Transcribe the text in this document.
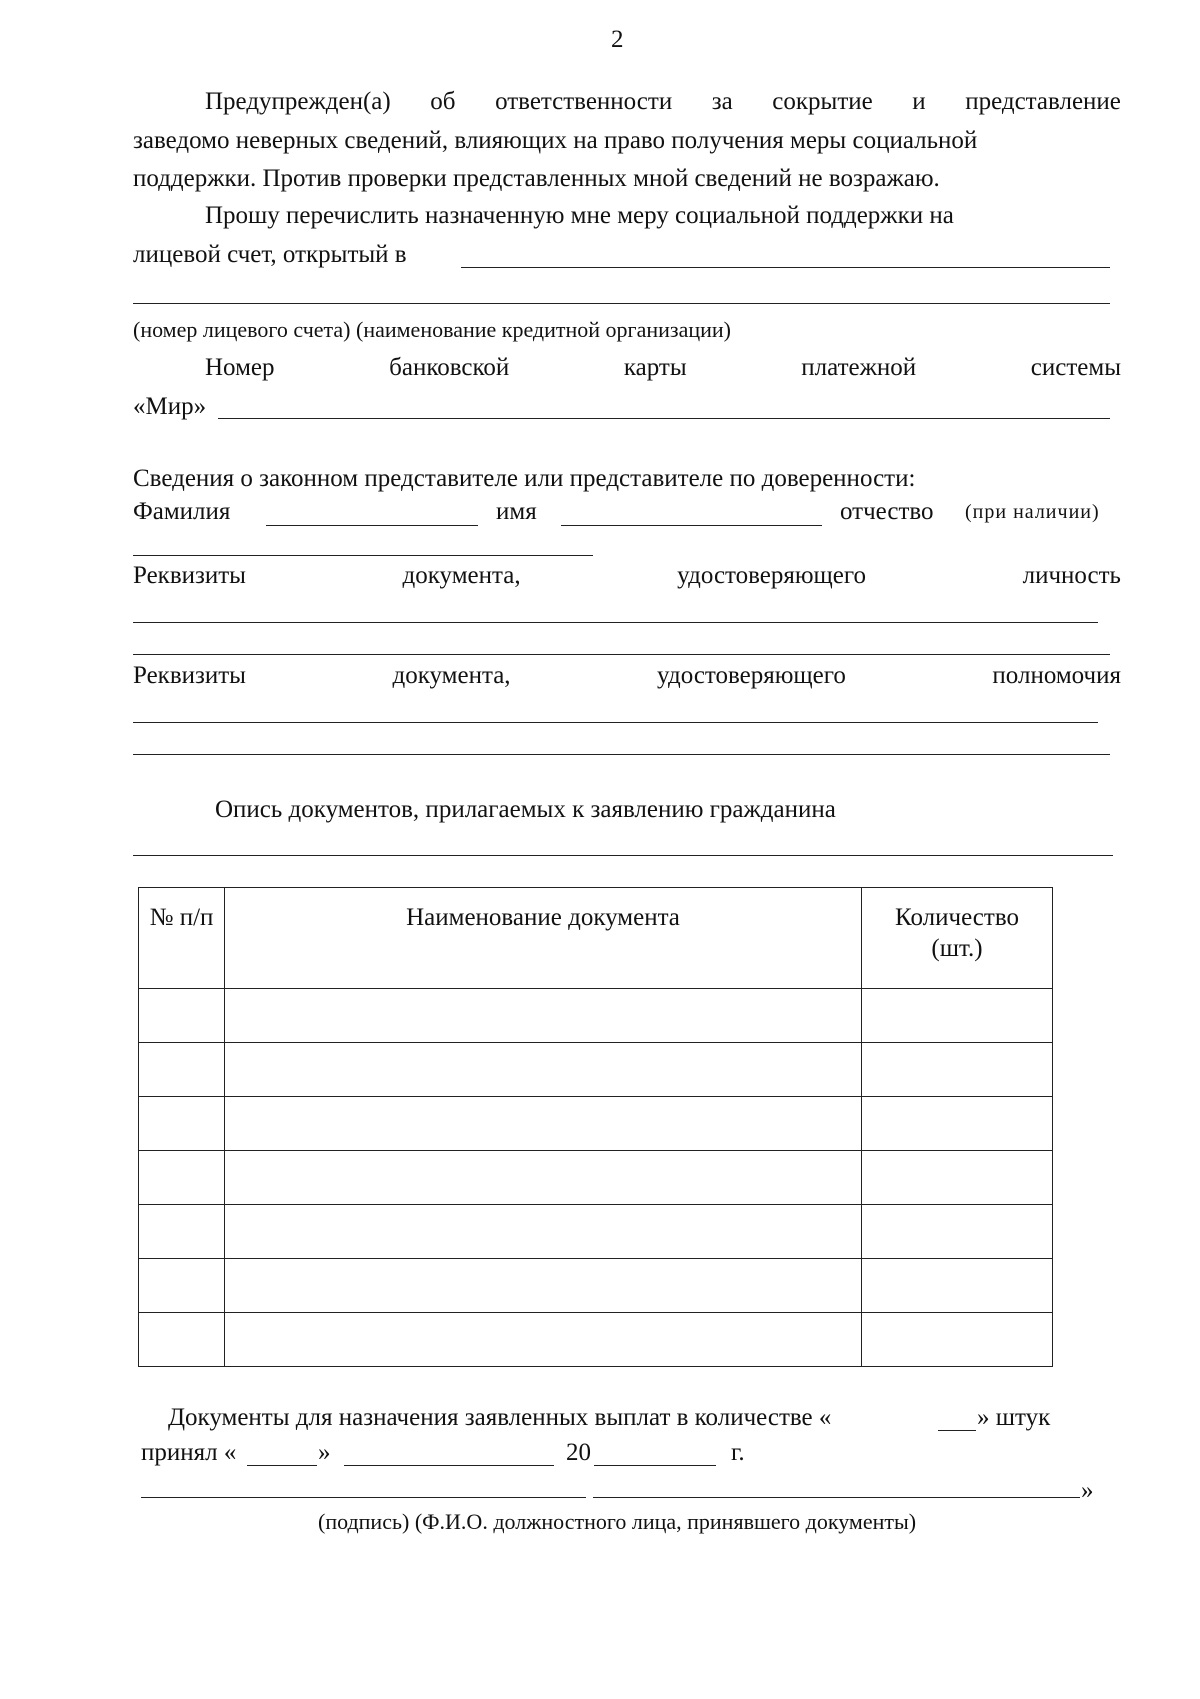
2
Предупрежден(а) об ответственности за сокрытие и представление
заведомо неверных сведений, влияющих на право получения меры социальной
поддержки. Против проверки представленных мной сведений не возражаю.
Прошу перечислить назначенную мне меру социальной поддержки на
лицевой счет, открытый в
(номер лицевого счета) (наименование кредитной организации)
Номер	банковской	карты	платежной	системы
«Мир»
Сведения о законном представителе или представителе по доверенности:
Фамилия	имя	отчество (при наличии)
Реквизиты	документа,	удостоверяющего	личность
Реквизиты	документа,	удостоверяющего	полномочия
Опись документов, прилагаемых к заявлению гражданина
№ п/п	Наименование документа	Количество
(шт.)

Документы для назначения заявленных выплат в количестве «	» штук
принял «	»	20	г.
»
(подпись) (Ф.И.О. должностного лица, принявшего документы)
